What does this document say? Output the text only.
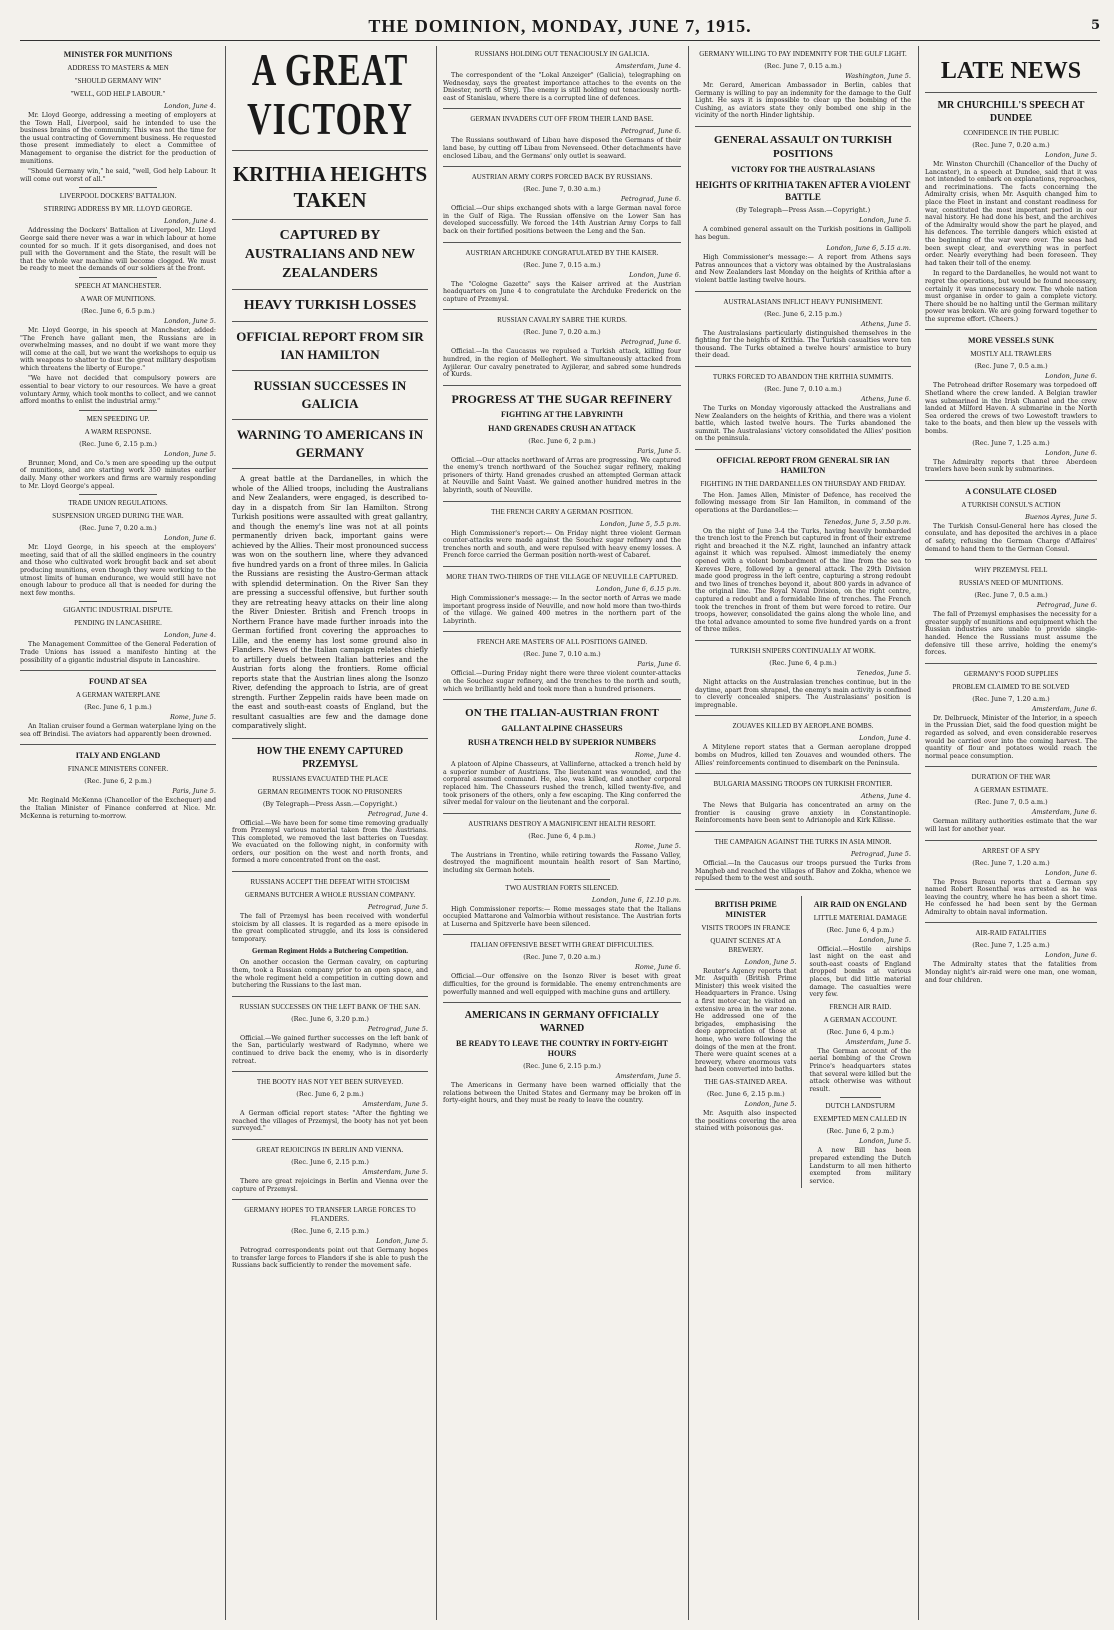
THE DOMINION, MONDAY, JUNE 7, 1915.	5
MINISTER FOR MUNITIONS
ADDRESS TO MASTERS & MEN
"SHOULD GERMANY WIN"
"WELL, GOD HELP LABOUR."
London, June 4.

Mr. Lloyd George, addressing a meeting of employers at the Town Hall, Liverpool, said he intended to use the business brains of the community. This was not the time for the usual contracting of Government business. He requested those present immediately to elect a Committee of Management to organise the district for the production of munitions.

"Should Germany win," he said, "well, God help Labour. It will come out worst of all."

LIVERPOOL DOCKERS' BATTALION.
STIRRING ADDRESS BY MR. LLOYD GEORGE.
London, June 4.

Addressing the Dockers' Battalion at Liverpool, Mr. Lloyd George said there never was a war in which labour at home counted for so much. If it gets disorganised, and does not pull with the Government and the State, the result will be that the whole war machine will become clogged. We must be ready to meet the demands of our soldiers at the front.

SPEECH AT MANCHESTER.
A WAR OF MUNITIONS.
(Rec. June 6, 6.5 p.m.)
London, June 5.

Mr. Lloyd George, in his speech at Manchester, added: "The French have gallant men, the Russians are in overwhelming masses, and no doubt if we want more they will come at the call, but we want the workshops to equip us with weapons to shatter to dust the great military despotism which threatens the liberty of Europe."

"We have not decided that compulsory powers are essential to bear victory to our resources. We have a great voluntary Army, which took months to collect, and we cannot afford months to enlist the industrial army."

MEN SPEEDING UP.
A WARM RESPONSE.
(Rec. June 6, 2.15 p.m.)
London, June 5.

Brunner, Mond, and Co.'s men are speeding up the output of munitions, and are starting work 350 minutes earlier daily. Many other workers and firms are warmly responding to Mr. Lloyd George's appeal.

TRADE UNION REGULATIONS.
SUSPENSION URGED DURING THE WAR.
(Rec. June 7, 0.20 a.m.)
London, June 6.

Mr. Lloyd George, in his speech at the employers' meeting, said that of all the skilled engineers in the country and those who cultivated work brought back and set about producing munitions, even though they were working to the utmost limits of human endurance, we would still have not enough labour to produce all that is needed for during the next few months.

GIGANTIC INDUSTRIAL DISPUTE.
PENDING IN LANCASHIRE.
London, June 4.

The Management Committee of the General Federation of Trade Unions has issued a manifesto hinting at the possibility of a gigantic industrial dispute in Lancashire.

FOUND AT SEA
A GERMAN WATERPLANE
(Rec. June 6, 1 p.m.)
Rome, June 5.

An Italian cruiser found a German waterplane lying on the sea off Brindisi. The aviators had apparently been drowned.

ITALY AND ENGLAND
FINANCE MINISTERS CONFER.
(Rec. June 6, 2 p.m.)
Paris, June 5.

Mr. Reginald McKenna (Chancellor of the Exchequer) and the Italian Minister of Finance conferred at Nice. Mr. McKenna is returning to-morrow.

A GREAT VICTORY
KRITHIA HEIGHTS TAKEN
CAPTURED BY AUSTRALIANS AND NEW ZEALANDERS
HEAVY TURKISH LOSSES
OFFICIAL REPORT FROM SIR IAN HAMILTON
RUSSIAN SUCCESSES IN GALICIA
WARNING TO AMERICANS IN GERMANY

A great battle at the Dardanelles, in which the whole of the Allied troops, including the Australians and New Zealanders, were engaged, is described to-day in a dispatch from Sir Ian Hamilton. Strong Turkish positions were assaulted with great gallantry, and though the enemy's line was not at all points permanently driven back, important gains were achieved by the Allies. Their most pronounced success was won on the southern line, where they advanced five hundred yards on a front of three miles. In Galicia the Russians are resisting the Austro-German attack with splendid determination. On the River San they are pressing a successful offensive, but further south they are retreating heavy attacks on their line along the River Dniester. British and French troops in Northern France have made further inroads into the German fortified front covering the approaches to Lille, and the enemy has lost some ground also in Flanders. News of the Italian campaign relates chiefly to artillery duels between Italian batteries and the Austrian forts along the frontiers. Rome official reports state that the Austrian lines along the Isonzo River, defending the approach to Istria, are of great strength. Further Zeppelin raids have been made on the east and south-east coasts of England, but the resultant casualties are few and the damage done comparatively slight.

HOW THE ENEMY CAPTURED PRZEMYSL
RUSSIANS EVACUATED THE PLACE
GERMAN REGIMENTS TOOK NO PRISONERS
(By Telegraph—Press Assn.—Copyright.)
Petrograd, June 4.

Official.—We have been for some time removing gradually from Przemysl various material taken from the Austrians. This completed, we removed the last batteries on Tuesday. We evacuated on the following night, in conformity with orders, our position on the west and north fronts, and formed a more concentrated front on the east.

RUSSIANS ACCEPT THE DEFEAT WITH STOICISM
GERMANS BUTCHER A WHOLE RUSSIAN COMPANY.
Petrograd, June 5.

The fall of Przemysl has been received with wonderful stoicism by all classes. It is regarded as a mere episode in the great complicated struggle, and its loss is considered temporary.

German Regiment Holds a Butchering Competition.

On another occasion the German cavalry, on capturing them, took a Russian company prior to an open space, and the whole regiment held a competition in cutting down and butchering the Russians to the last man.

RUSSIAN SUCCESSES ON THE LEFT BANK OF THE SAN.
(Rec. June 6, 3.20 p.m.)
Petrograd, June 5.

Official.—We gained further successes on the left bank of the San, particularly westward of Radymno, where we continued to drive back the enemy, who is in disorderly retreat.

THE BOOTY HAS NOT YET BEEN SURVEYED.
(Rec. June 6, 2 p.m.)
Amsterdam, June 5.

A German official report states: "After the fighting we reached the villages of Przemysl, the booty has not yet been surveyed."

GREAT REJOICINGS IN BERLIN AND VIENNA.
(Rec. June 6, 2.15 p.m.)
Amsterdam, June 5.

There are great rejoicings in Berlin and Vienna over the capture of Przemysl.

GERMANY HOPES TO TRANSFER LARGE FORCES TO FLANDERS.
(Rec. June 6, 2.15 p.m.)
London, June 5.

Petrograd correspondents point out that Germany hopes to transfer large forces to Flanders if she is able to push the Russians back sufficiently to render the movement safe.

RUSSIANS HOLDING OUT TENACIOUSLY IN GALICIA.
Amsterdam, June 4.

The correspondent of the "Lokal Anzeiger" (Galicia), telegraphing on Wednesday, says the greatest importance attaches to the events on the Dniester, north of Stryj. The enemy is still holding out tenaciously north-east of Stanislau, where there is a corrupted line of defences.

GERMAN INVADERS CUT OFF FROM THEIR LAND BASE.
Petrograd, June 6.

The Russians southward of Libau have disposed the Germans of their land base, by cutting off Libau from Nevenseed. Other detachments have enclosed Libau, and the Germans' only outlet is seaward.

AUSTRIAN ARMY CORPS FORCED BACK BY RUSSIANS.
(Rec. June 7, 0.30 a.m.)
Petrograd, June 6.

Official.—Our ships exchanged shots with a large German naval force in the Gulf of Riga. The Russian offensive on the Lower San has developed successfully. We forced the 14th Austrian Army Corps to fall back on their fortified positions between the Leng and the San.

AUSTRIAN ARCHDUKE CONGRATULATED BY THE KAISER.
(Rec. June 7, 0.15 a.m.)
London, June 6.

The "Cologne Gazette" says the Kaiser arrived at the Austrian headquarters on June 4 to congratulate the Archduke Frederick on the capture of Przemysl.

RUSSIAN CAVALRY SABRE THE KURDS.
(Rec. June 7, 0.20 a.m.)
Petrograd, June 6.

Official.—In the Caucasus we repulsed a Turkish attack, killing four hundred, in the region of Melleghert. We simultaneously attacked from Ayjilerar. Our cavalry penetrated to Ayjilerar, and sabred some hundreds of Kurds.

PROGRESS AT THE SUGAR REFINERY
FIGHTING AT THE LABYRINTH
HAND GRENADES CRUSH AN ATTACK
(Rec. June 6, 2 p.m.)
Paris, June 5.

Official.—Our attacks northward of Arras are progressing. We captured the enemy's trench northward of the Souchez sugar refinery, making prisoners of thirty. Hand grenades crushed an attempted German attack at Neuville and Saint Vaast. We gained another hundred metres in the labyrinth, south of Neuville.

THE FRENCH CARRY A GERMAN POSITION.
London, June 5, 5.5 p.m.

High Commissioner's report:— On Friday night three violent German counter-attacks were made against the Souchez sugar refinery and the trenches north and south, and were repulsed with heavy enemy losses. A French force carried the German position north-west of Cabaret.

MORE THAN TWO-THIRDS OF THE VILLAGE OF NEUVILLE CAPTURED.
London, June 6, 6.15 p.m.

High Commissioner's message:— In the sector north of Arras we made important progress inside of Neuville, and now hold more than two-thirds of the village. We gained 400 metres in the northern part of the Labyrinth.

FRENCH ARE MASTERS OF ALL POSITIONS GAINED.
(Rec. June 7, 0.10 a.m.)
Paris, June 6.

Official.—During Friday night there were three violent counter-attacks on the Souchez sugar refinery, and the trenches to the north and south, which we brilliantly held and took more than a hundred prisoners.

ON THE ITALIAN-AUSTRIAN FRONT
GALLANT ALPINE CHASSEURS
RUSH A TRENCH HELD BY SUPERIOR NUMBERS
Rome, June 4.

A platoon of Alpine Chasseurs, at Vallinferne, attacked a trench held by a superior number of Austrians. The lieutenant was wounded, and the corporal assumed command. He, also, was killed, and another corporal replaced him. The Chasseurs rushed the trench, killed twenty-five, and took prisoners of the others, only a few escaping. The King conferred the silver medal for valour on the lieutenant and the corporal.

AUSTRIANS DESTROY A MAGNIFICENT HEALTH RESORT.
(Rec. June 6, 4 p.m.)
Rome, June 5.

The Austrians in Trentino, while retiring towards the Fassano Valley, destroyed the magnificent mountain health resort of San Martino, including six German hotels.

TWO AUSTRIAN FORTS SILENCED.
London, June 6, 12.10 p.m.

High Commissioner reports:— Rome messages state that the Italians occupied Mattarone and Valmorbia without resistance. The Austrian forts at Luserna and Spitzverle have been silenced.

ITALIAN OFFENSIVE BESET WITH GREAT DIFFICULTIES.
(Rec. June 7, 0.20 a.m.)
Rome, June 6.

Official.—Our offensive on the Isonzo River is beset with great difficulties, for the ground is formidable. The enemy entrenchments are powerfully manned and well equipped with machine guns and artillery.

AMERICANS IN GERMANY OFFICIALLY WARNED
BE READY TO LEAVE THE COUNTRY IN FORTY-EIGHT HOURS
(Rec. June 6, 2.15 p.m.)
Amsterdam, June 5.

The Americans in Germany have been warned officially that the relations between the United States and Germany may be broken off in forty-eight hours, and they must be ready to leave the country.

GERMANY WILLING TO PAY INDEMNITY FOR THE GULF LIGHT.
(Rec. June 7, 0.15 a.m.)
Washington, June 5.

Mr. Gerard, American Ambassador in Berlin, cables that Germany is willing to pay an indemnity for the damage to the Gulf Light. He says it is impossible to clear up the bombing of the Cushing, as aviators state they only bombed one ship in the vicinity of the north Hinder lightship.

GENERAL ASSAULT ON TURKISH POSITIONS
VICTORY FOR THE AUSTRALASIANS
HEIGHTS OF KRITHIA TAKEN AFTER A VIOLENT BATTLE
(By Telegraph—Press Assn.—Copyright.)
London, June 5.

A combined general assault on the Turkish positions in Gallipoli has begun.

London, June 6, 5.15 a.m.

High Commissioner's message:— A report from Athens says Patras announces that a victory was obtained by the Australasians and New Zealanders last Monday on the heights of Krithia after a violent battle lasting twelve hours.

AUSTRALASIANS INFLICT HEAVY PUNISHMENT.
(Rec. June 6, 2.15 p.m.)
Athens, June 5.

The Australasians particularly distinguished themselves in the fighting for the heights of Krithia. The Turkish casualties were ten thousand. The Turks obtained a twelve hours' armistice to bury their dead.

TURKS FORCED TO ABANDON THE KRITHIA SUMMITS.
(Rec. June 7, 0.10 a.m.)
Athens, June 6.

The Turks on Monday vigorously attacked the Australians and New Zealanders on the heights of Krithia, and there was a violent battle, which lasted twelve hours. The Turks abandoned the summit. The Australasians' victory consolidated the Allies' position on the peninsula.

OFFICIAL REPORT FROM GENERAL SIR IAN HAMILTON
FIGHTING IN THE DARDANELLES ON THURSDAY AND FRIDAY.

The Hon. James Allen, Minister of Defence, has received the following message from Sir Ian Hamilton, in command of the operations at the Dardanelles:—

Tenedos, June 5, 3.50 p.m.

On the night of June 3-4 the Turks, having heavily bombarded the trench lost to the French but captured in front of their extreme right and breached it the N.Z. right, launched an infantry attack against it which was repulsed. Almost immediately the enemy opened with a violent bombardment of the line from the sea to Kereves Dere, followed by a general attack. The 29th Division made good progress in the left centre, capturing a strong redoubt and two lines of trenches beyond it, about 800 yards in advance of the original line. The Royal Naval Division, on the right centre, captured a redoubt and a formidable line of trenches. The French took the trenches in front of them but were forced to retire. Our troops, however, consolidated the gains along the whole line, and the total advance amounted to some five hundred yards on a front of three miles.

TURKISH SNIPERS CONTINUALLY AT WORK.
(Rec. June 6, 4 p.m.)
Tenedos, June 5.

Night attacks on the Australasian trenches continue, but in the daytime, apart from shrapnel, the enemy's main activity is confined to cleverly concealed snipers. The Australasians' position is impregnable.

ZOUAVES KILLED BY AEROPLANE BOMBS.
London, June 4.

A Mitylene report states that a German aeroplane dropped bombs on Mudros, killed ten Zouaves and wounded others. The Allies' reinforcements continued to disembark on the Peninsula.

BULGARIA MASSING TROOPS ON TURKISH FRONTIER.
Athens, June 4.

The News that Bulgaria has concentrated an army on the frontier is causing grave anxiety in Constantinople. Reinforcements have been sent to Adrianople and Kirk Kilisse.

THE CAMPAIGN AGAINST THE TURKS IN ASIA MINOR.
Petrograd, June 5.

Official.—In the Caucasus our troops pursued the Turks from Mangheb and reached the villages of Bahov and Zokha, whence we repulsed them to the west and south.

BRITISH PRIME MINISTER
VISITS TROOPS IN FRANCE
QUAINT SCENES AT A BREWERY.
London, June 5.

Reuter's Agency reports that Mr. Asquith (British Prime Minister) this week visited the Headquarters in France. Using a first motor-car, he visited an extensive area in the war zone. He addressed one of the brigades, emphasising the deep appreciation of those at home, who were following the doings of the men at the front. There were quaint scenes at a brewery, where enormous vats had been converted into baths.

THE GAS-STAINED AREA.
(Rec. June 6, 2.15 p.m.)
London, June 5.

Mr. Asquith also inspected the positions covering the area stained with poisonous gas.

AIR RAID ON ENGLAND
LITTLE MATERIAL DAMAGE
(Rec. June 6, 4 p.m.)
London, June 5.

Official.—Hostile airships last night on the east and south-east coasts of England dropped bombs at various places, but did little material damage. The casualties were very few.

FRENCH AIR RAID.
A GERMAN ACCOUNT.
(Rec. June 6, 4 p.m.)
Amsterdam, June 5.

The German account of the aerial bombing of the Crown Prince's headquarters states that several were killed but the attack otherwise was without result.

DUTCH LANDSTURM
EXEMPTED MEN CALLED IN
(Rec. June 6, 2 p.m.)
London, June 5.

A new Bill has been prepared extending the Dutch Landsturm to all men hitherto exempted from military service.

LATE NEWS
MR CHURCHILL'S SPEECH AT DUNDEE
CONFIDENCE IN THE PUBLIC
(Rec. June 7, 0.20 a.m.)
London, June 5.

Mr. Winston Churchill (Chancellor of the Duchy of Lancaster), in a speech at Dundee, said that it was not intended to embark on explanations, reproaches, and recriminations. The facts concerning the Admiralty crisis, when Mr. Asquith changed him to place the Fleet in instant and constant readiness for war, constituted the most important period in our naval history. He had done his best, and the archives of the Admiralty would show the part he played, and his defences. The terrible dangers which existed at the beginning of the war were over. The seas had been swept clear, and everything was in perfect order. Nearly everything had been foreseen. They had taken their toll of the enemy.

In regard to the Dardanelles, he would not want to regret the operations, but would be found necessary, certainly it was unnecessary now. The whole nation must organise in order to gain a complete victory. There should be no halting until the German military power was broken. We are going forward together to the supreme effort. (Cheers.)

MORE VESSELS SUNK
MOSTLY ALL TRAWLERS
(Rec. June 7, 0.5 a.m.)
London, June 6.

The Petrohead drifter Rosemary was torpedoed off Shetland where the crew landed. A Belgian trawler was submarined in the Irish Channel and the crew landed at Milford Haven. A submarine in the North Sea ordered the crews of two Lowestoft trawlers to take to the boats, and then blew up the vessels with bombs.

(Rec. June 7, 1.25 a.m.)
London, June 6.

The Admiralty reports that three Aberdeen trawlers have been sunk by submarines.

A CONSULATE CLOSED
A TURKISH CONSUL'S ACTION
Buenos Ayres, June 5.

The Turkish Consul-General here has closed the consulate, and has deposited the archives in a place of safety, refusing the German Charge d'Affaires' demand to hand them to the German Consul.

WHY PRZEMYSL FELL
RUSSIA'S NEED OF MUNITIONS.
(Rec. June 7, 0.5 a.m.)
Petrograd, June 6.

The fall of Przemysl emphasises the necessity for a greater supply of munitions and equipment which the Russian industries are unable to provide single-handed. Hence the Russians must assume the defensive till these arrive, holding the enemy's forces.

GERMANY'S FOOD SUPPLIES
PROBLEM CLAIMED TO BE SOLVED
(Rec. June 7, 1.20 a.m.)
Amsterdam, June 6.

Dr. Delbrueck, Minister of the Interior, in a speech in the Prussian Diet, said the food question might be regarded as solved, and even considerable reserves would be carried over into the coming harvest. The quantity of flour and potatoes would reach the normal peace consumption.

DURATION OF THE WAR
A GERMAN ESTIMATE.
(Rec. June 7, 0.5 a.m.)
Amsterdam, June 6.

German military authorities estimate that the war will last for another year.

ARREST OF A SPY
(Rec. June 7, 1.20 a.m.)
London, June 6.

The Press Bureau reports that a German spy named Robert Rosenthal was arrested as he was leaving the country, where he has been a short time. He confessed he had been sent by the German Admiralty to obtain naval information.

AIR-RAID FATALITIES
(Rec. June 7, 1.25 a.m.)
London, June 6.

The Admiralty states that the fatalities from Monday night's air-raid were one man, one woman, and four children.
